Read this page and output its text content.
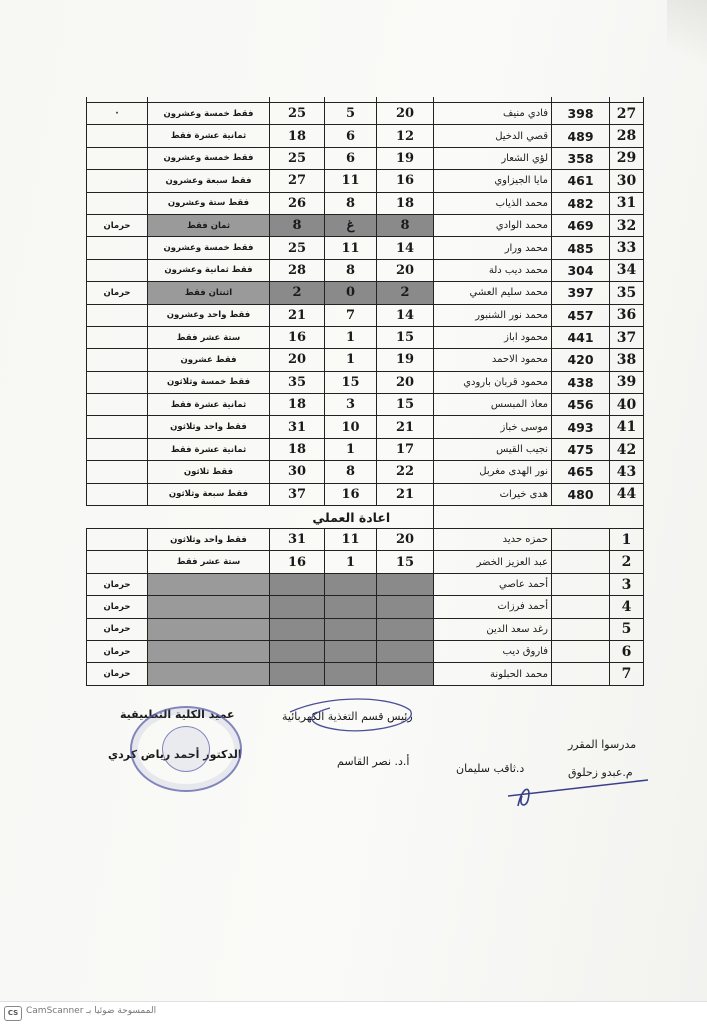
27	398	فادي منيف	20	5	25	فقط خمسة وعشرون	·
28	489	قصي الدخيل	12	6	18	ثمانية عشرة فقط	
29	358	لؤي الشعار	19	6	25	فقط خمسة وعشرون	
30	461	مايا الجيزاوي	16	11	27	فقط سبعة وعشرون	
31	482	محمد الذياب	18	8	26	فقط ستة وعشرون	
32	469	محمد الوادي	8	غ	8	ثمان فقط	حرمان
33	485	محمد ورار	14	11	25	فقط خمسة وعشرون	
34	304	محمد ديب دلة	20	8	28	فقط ثمانية وعشرون	
35	397	محمد سليم العشي	2	0	2	اثنتان فقط	حرمان
36	457	محمد نور الشنبور	14	7	21	فقط واحد وعشرون	
37	441	محمود اباز	15	1	16	ستة عشر فقط	
38	420	محمود الاحمد	19	1	20	فقط عشرون	
39	438	محمود قربان بارودي	20	15	35	فقط خمسة وثلاثون	
40	456	معاذ المبسس	15	3	18	ثمانية عشرة فقط	
41	493	موسى خباز	21	10	31	فقط واحد وثلاثون	
42	475	نجيب القيس	17	1	18	ثمانية عشرة فقط	
43	465	نور الهدى مغربل	22	8	30	فقط ثلاثون	
44	480	هدى خيرات	21	16	37	فقط سبعة وثلاثون	
			اعادة العملي				
1		حمزه حديد	20	11	31	فقط واحد وثلاثون	
2		عبد العزيز الخضر	15	1	16	ستة عشر فقط	
3		أحمد عاصي					حرمان
4		أحمد فرزات					حرمان
5		رغد سعد الدين					حرمان
6		فاروق ديب					حرمان
7		محمد الحبلونة					حرمان
مدرسوا المقرر
م.عبدو زحلوق
د.ثاقب سليمان
رئيس قسم التغذية الكهربائية
أ.د. نصر القاسم
عميد الكلية التطبيقية
الدكتور أحمد رياض كردي
CS الممسوحة ضوئيا بـ CamScanner
